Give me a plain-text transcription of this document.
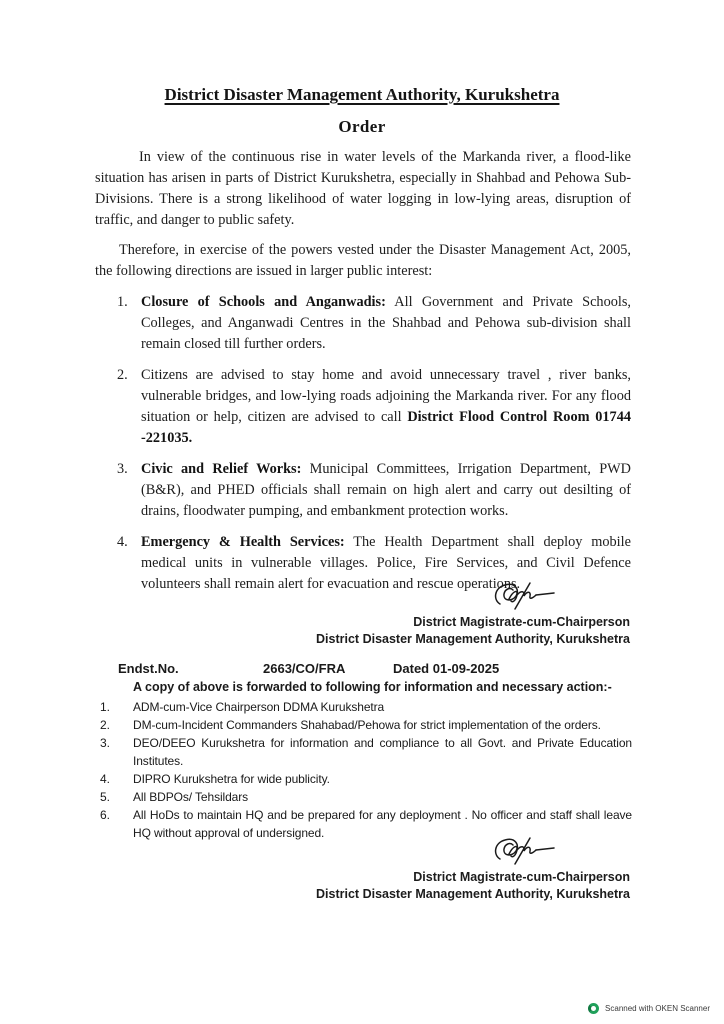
District Disaster Management Authority, Kurukshetra
Order

In view of the continuous rise in water levels of the Markanda river, a flood-like situation has arisen in parts of District Kurukshetra, especially in Shahbad and Pehowa Sub-Divisions. There is a strong likelihood of water logging in low-lying areas, disruption of traffic, and danger to public safety.

Therefore, in exercise of the powers vested under the Disaster Management Act, 2005, the following directions are issued in larger public interest:

1. Closure of Schools and Anganwadis: All Government and Private Schools, Colleges, and Anganwadi Centres in the Shahbad and Pehowa sub-division shall remain closed till further orders.
2. Citizens are advised to stay home and avoid unnecessary travel , river banks, vulnerable bridges, and low-lying roads adjoining the Markanda river. For any flood situation or help, citizen are advised to call District Flood Control Room 01744 -221035.
3. Civic and Relief Works: Municipal Committees, Irrigation Department, PWD (B&R), and PHED officials shall remain on high alert and carry out desilting of drains, floodwater pumping, and embankment protection works.
4. Emergency & Health Services: The Health Department shall deploy mobile medical units in vulnerable villages. Police, Fire Services, and Civil Defence volunteers shall remain alert for evacuation and rescue operations.
District Magistrate-cum-Chairperson
District Disaster Management Authority, Kurukshetra
Endst.No.	2663/CO/FRA	Dated 01-09-2025
A copy of above is forwarded to following for information and necessary action:-
1.	ADM-cum-Vice Chairperson DDMA Kurukshetra
2.	DM-cum-Incident Commanders Shahabad/Pehowa for strict implementation of the orders.
3.	DEO/DEEO Kurukshetra for information and compliance to all Govt. and Private Education Institutes.
4.	DIPRO Kurukshetra for wide publicity.
5.	All BDPOs/ Tehsildars
6.	All HoDs to maintain HQ and be prepared for any deployment . No officer and staff shall leave HQ without approval of undersigned.
District Magistrate-cum-Chairperson
District Disaster Management Authority, Kurukshetra
Scanned with OKEN Scanner
